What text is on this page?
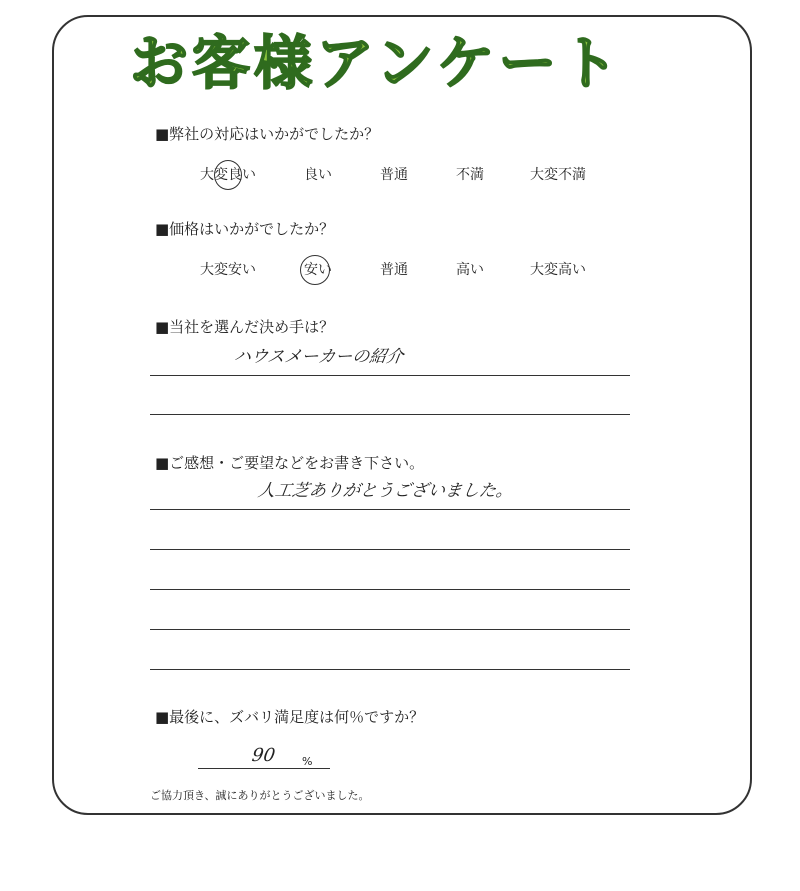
お客様アンケート
■弊社の対応はいかがでしたか？
大変良い	良い	普通	不満	大変不満
■価格はいかがでしたか？
大変安い	安い	普通	高い	大変高い
■当社を選んだ決め手は？
ハウスメーカーの紹介
■ご感想・ご要望などをお書き下さい。
人工芝ありがとうございました。
■最後に、ズバリ満足度は何％ですか？
90 %
ご協力頂き、誠にありがとうございました。
